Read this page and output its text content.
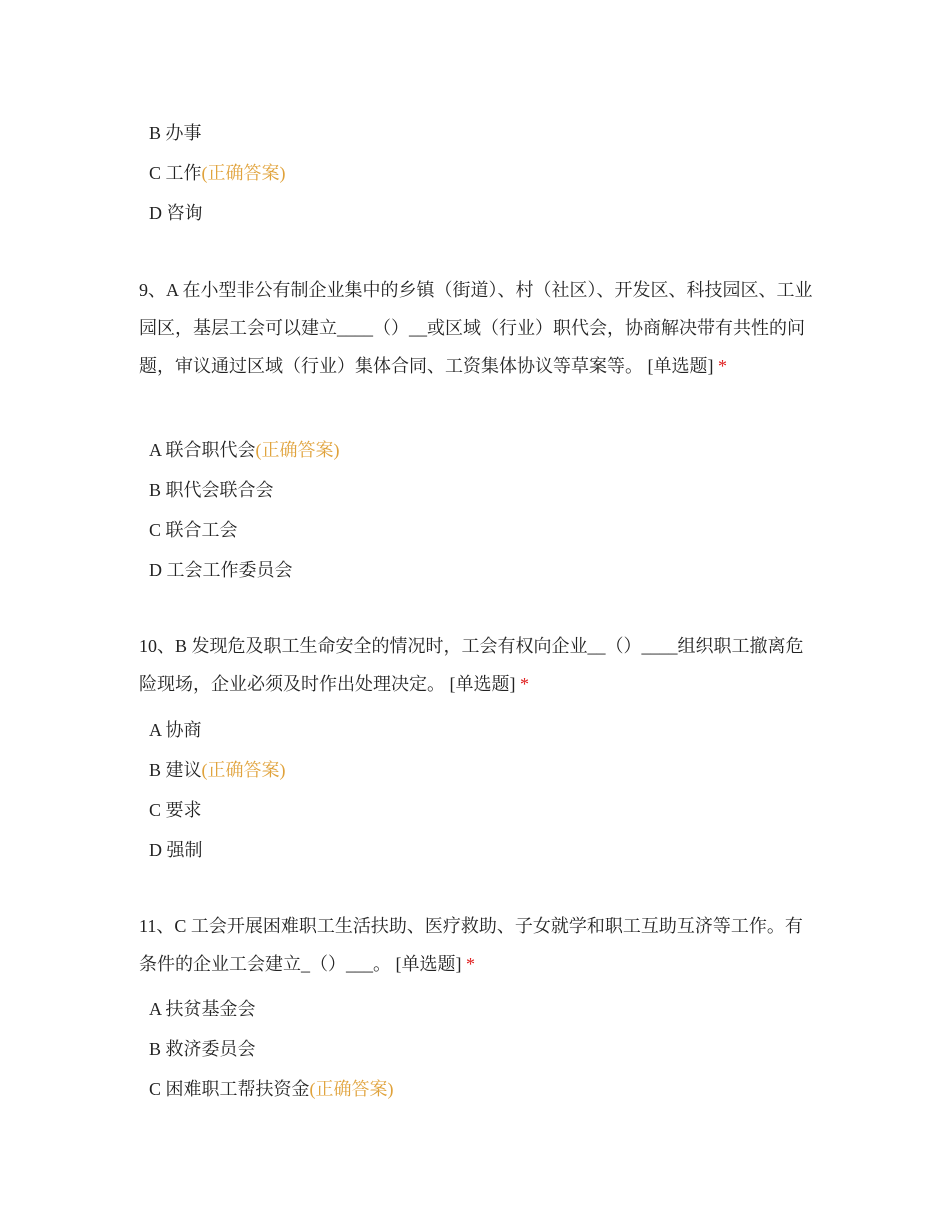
B 办事
C 工作(正确答案)
D 咨询
9、A 在小型非公有制企业集中的乡镇（街道）、村（社区）、开发区、科技园区、工业园区，基层工会可以建立____（）__或区域（行业）职代会，协商解决带有共性的问题，审议通过区域（行业）集体合同、工资集体协议等草案等。 [单选题] *
A 联合职代会(正确答案)
B 职代会联合会
C 联合工会
D 工会工作委员会
10、B 发现危及职工生命安全的情况时，工会有权向企业__（）____组织职工撤离危险现场，企业必须及时作出处理决定。 [单选题] *
A 协商
B 建议(正确答案)
C 要求
D 强制
11、C 工会开展困难职工生活扶助、医疗救助、子女就学和职工互助互济等工作。有条件的企业工会建立_（）___。 [单选题] *
A 扶贫基金会
B 救济委员会
C 困难职工帮扶资金(正确答案)
